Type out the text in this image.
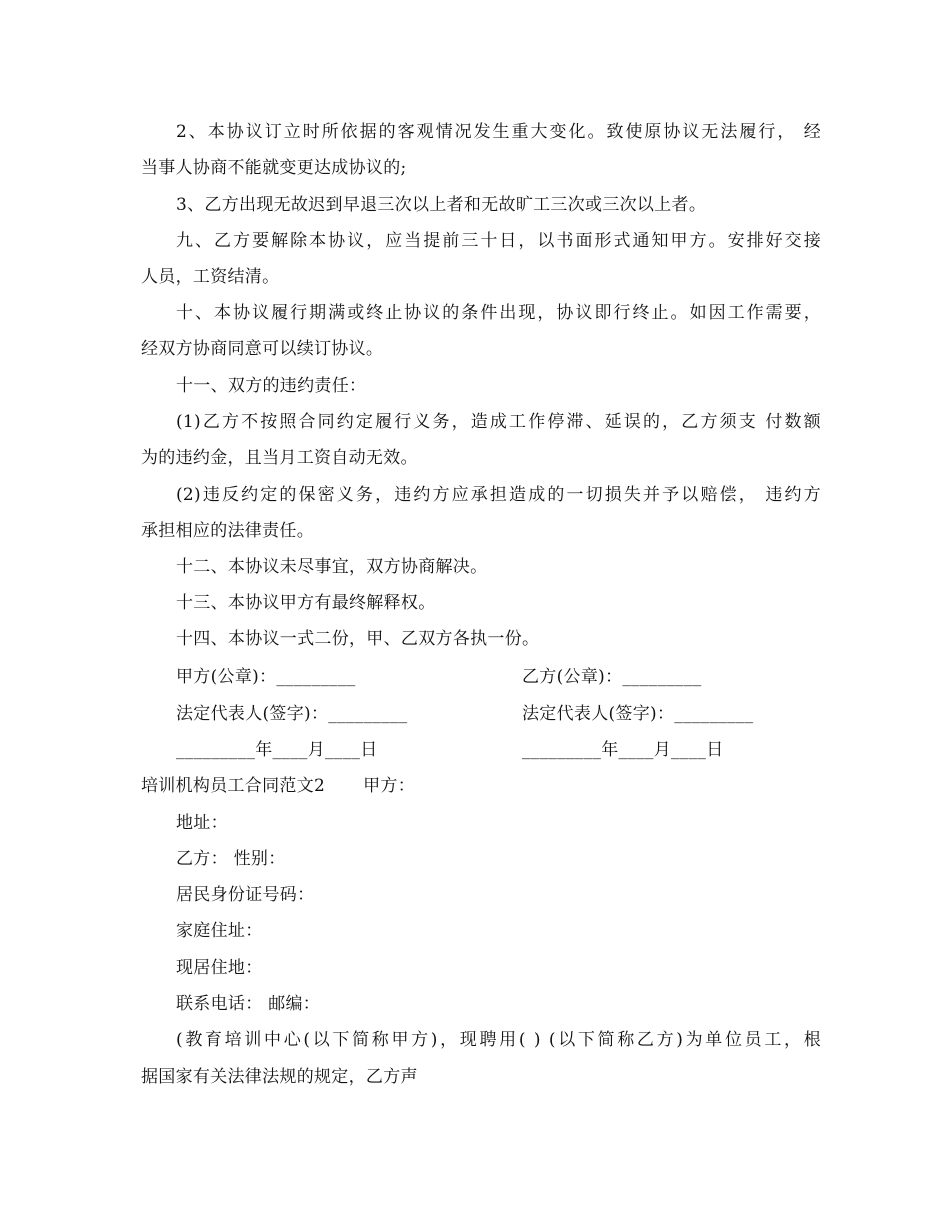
2、本协议订立时所依据的客观情况发生重大变化。致使原协议无法履行， 经
当事人协商不能就变更达成协议的;
3、乙方出现无故迟到早退三次以上者和无故旷工三次或三次以上者。
九、乙方要解除本协议，应当提前三十日，以书面形式通知甲方。安排好交接
人员，工资结清。
十、本协议履行期满或终止协议的条件出现，协议即行终止。如因工作需要，
经双方协商同意可以续订协议。
十一、双方的违约责任：
(1)乙方不按照合同约定履行义务，造成工作停滞、延误的，乙方须支 付数额
为的违约金，且当月工资自动无效。
(2)违反约定的保密义务，违约方应承担造成的一切损失并予以赔偿， 违约方
承担相应的法律责任。
十二、本协议未尽事宜，双方协商解决。
十三、本协议甲方有最终解释权。
十四、本协议一式二份，甲、乙双方各执一份。
甲方(公章)：_________
法定代表人(签字)：_________
_________年____月____日
乙方(公章)：_________
法定代表人(签字)：_________
_________年____月____日
培训机构员工合同范文2 甲方：
地址：
乙方： 性别：
居民身份证号码：
家庭住址：
现居住地：
联系电话： 邮编：
(教育培训中心(以下简称甲方)，现聘用( ) (以下简称乙方)为单位员工，根
据国家有关法律法规的规定，乙方声
